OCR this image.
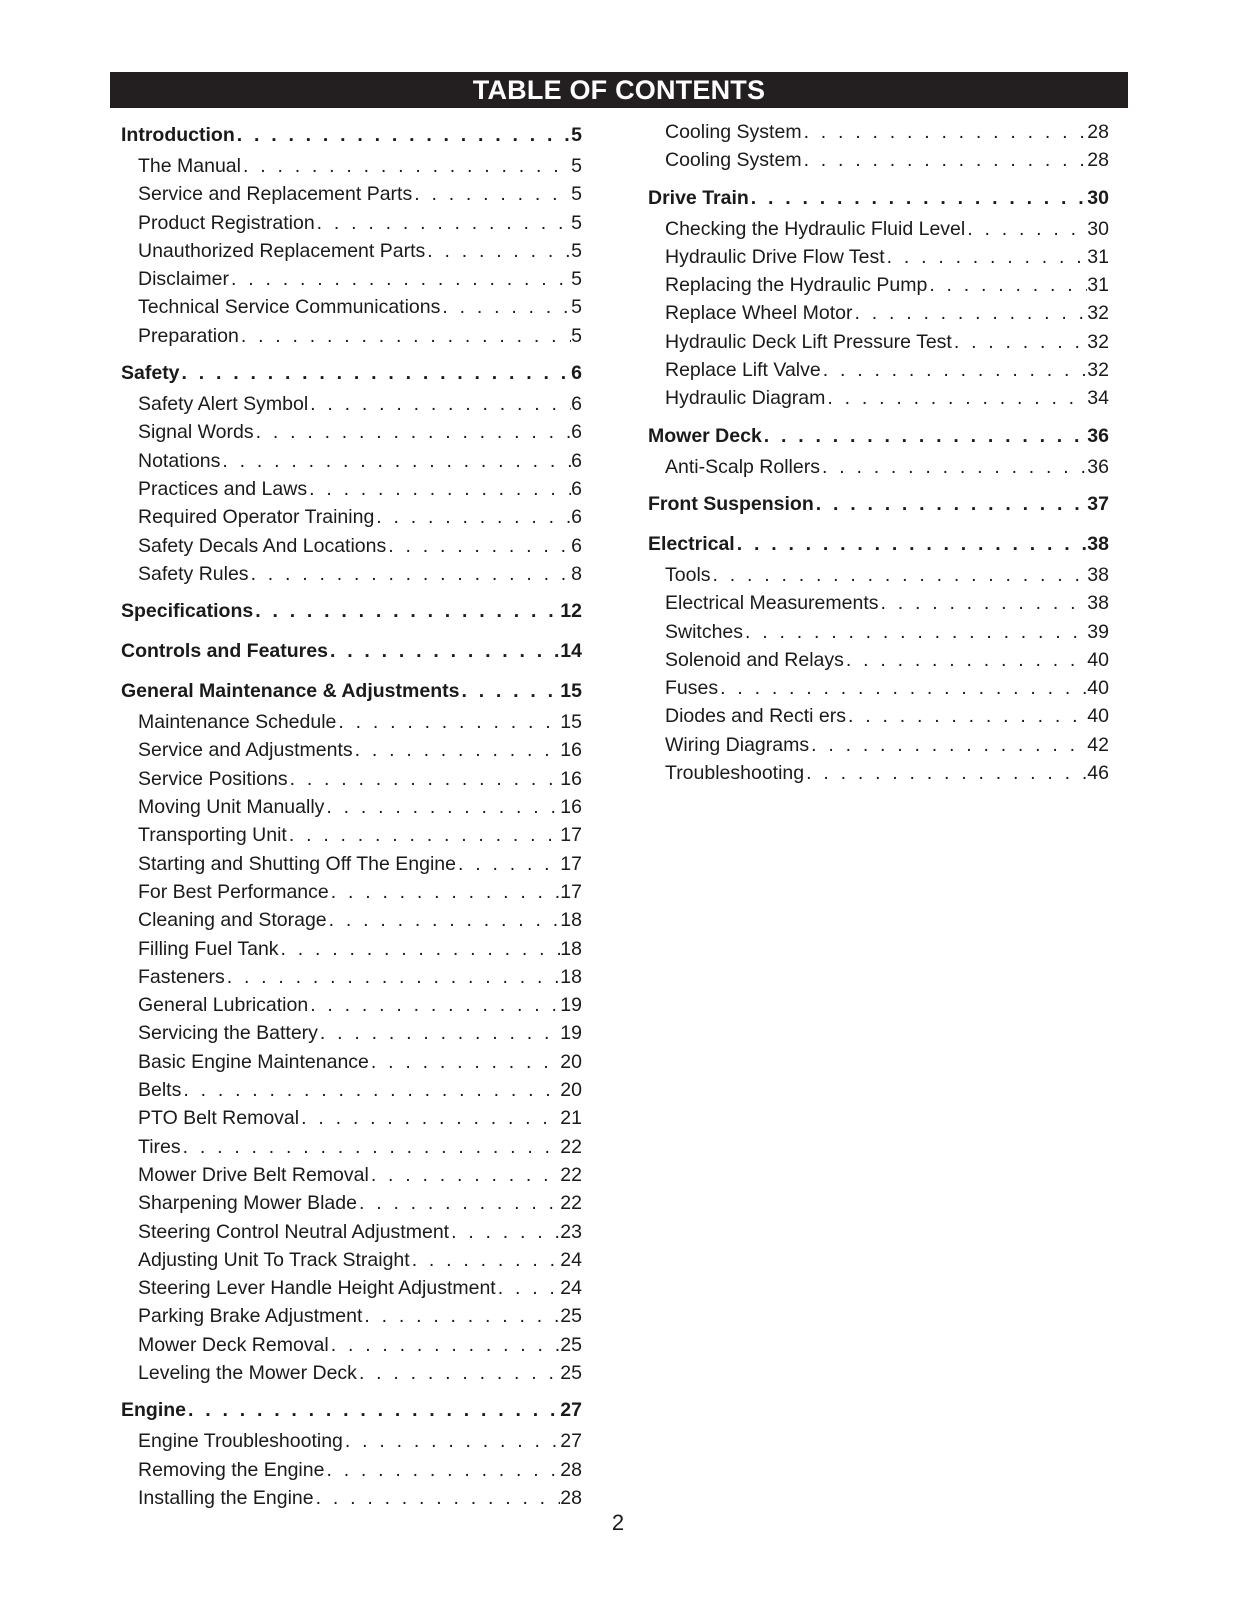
TABLE OF CONTENTS
Introduction . . .	5
The Manual . . .	5
Service and Replacement Parts . . .	5
Product Registration . . .	5
Unauthorized Replacement Parts . . .	5
Disclaimer . . .	5
Technical Service Communications . . .	5
Preparation . . .	5
Safety . . .	6
Safety Alert Symbol . . .	6
Signal Words . . .	6
Notations . . .	6
Practices and Laws . . .	6
Required Operator Training . . .	6
Safety Decals And Locations . . .	6
Safety Rules . . .	8
Specifications . . .	12
Controls and Features . . .	14
General Maintenance & Adjustments . . .	15
Maintenance Schedule . . .	15
Service and Adjustments . . .	16
Service Positions . . .	16
Moving Unit Manually . . .	16
Transporting Unit . . .	17
Starting and Shutting Off The Engine . . .	17
For Best Performance . . .	17
Cleaning and Storage . . .	18
Filling Fuel Tank . . .	18
Fasteners . . .	18
General Lubrication . . .	19
Servicing the Battery . . .	19
Basic Engine Maintenance . . .	20
Belts . . .	20
PTO Belt Removal . . .	21
Tires . . .	22
Mower Drive Belt Removal . . .	22
Sharpening Mower Blade . . .	22
Steering Control Neutral Adjustment . . .	23
Adjusting Unit To Track Straight . . .	24
Steering Lever Handle Height Adjustment . . .	24
Parking Brake Adjustment . . .	25
Mower Deck Removal . . .	25
Leveling the Mower Deck . . .	25
Engine . . .	27
Engine Troubleshooting . . .	27
Removing the Engine . . .	28
Installing the Engine . . .	28
Cooling System . . .	28
Cooling System . . .	28
Drive Train . . .	30
Checking the Hydraulic Fluid Level . . .	30
Hydraulic Drive Flow Test . . .	31
Replacing the Hydraulic Pump . . .	31
Replace Wheel Motor . . .	32
Hydraulic Deck Lift Pressure Test . . .	32
Replace Lift Valve . . .	32
Hydraulic Diagram . . .	34
Mower Deck . . .	36
Anti-Scalp Rollers . . .	36
Front Suspension . . .	37
Electrical . . .	38
Tools . . .	38
Electrical Measurements . . .	38
Switches . . .	39
Solenoid and Relays . . .	40
Fuses . . .	40
Diodes and Recti ers . . .	40
Wiring Diagrams . . .	42
Troubleshooting . . .	46
2
